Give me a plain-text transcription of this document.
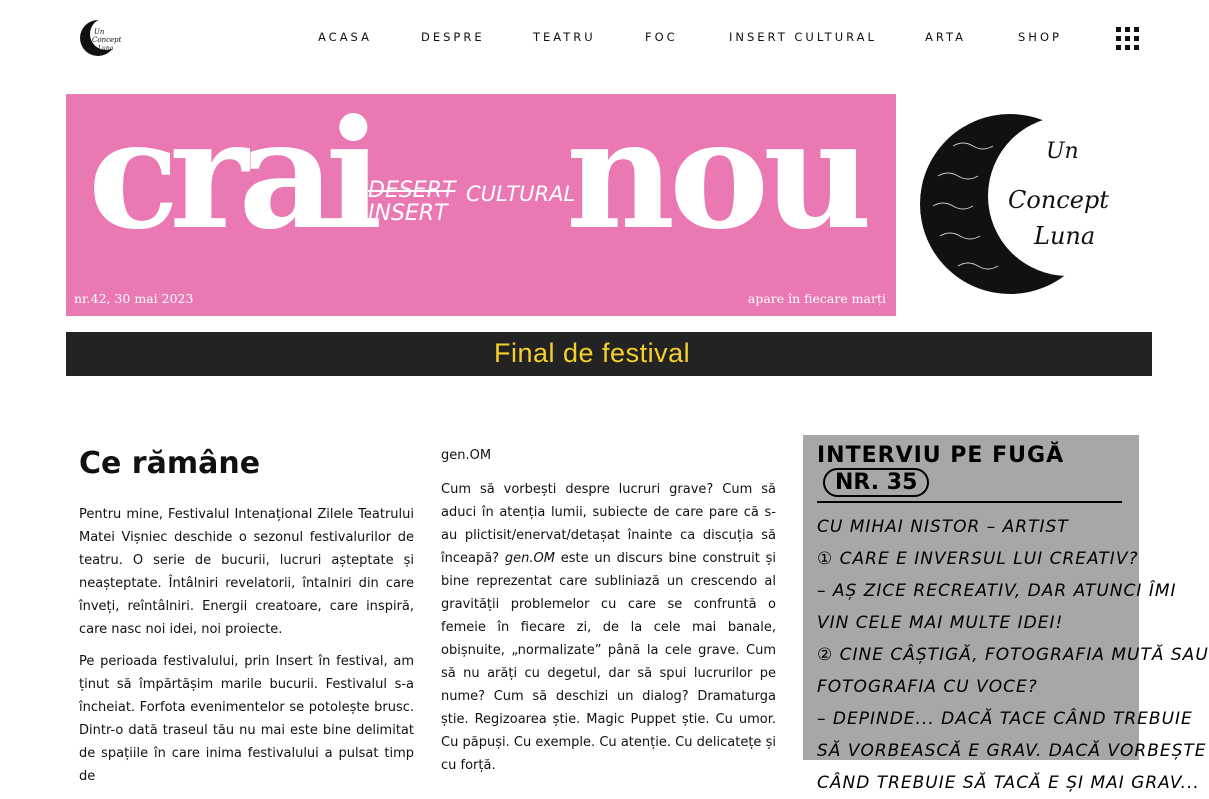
Un
Concept
Luna
ACASA	DESPRE	TEATRU	FOC	INSERT CULTURAL	ARTA	SHOP
crai nou
DESERT CULTURAL
INSERT
nr.42, 30 mai 2023	apare în fiecare marți
Un
Concept
Luna
Final de festival
Ce rămâne

Pentru mine, Festivalul Intenațional Zilele Teatrului Matei Vișniec deschide o sezonul festivalurilor de teatru. O serie de bucurii, lucruri așteptate și neașteptate. Întâlniri revelatorii, întalniri din care înveți, reîntâlniri. Energii creatoare, care inspiră, care nasc noi idei, noi proiecte.

Pe perioada festivalului, prin Insert în festival, am ținut să împărtășim marile bucurii. Festivalul s-a încheiat. Forfota evenimentelor se potolește brusc. Dintr-o dată traseul tău nu mai este bine delimitat de spațiile în care inima festivalului a pulsat timp de

gen.OM

Cum să vorbești despre lucruri grave? Cum să aduci în atenția lumii, subiecte de care pare că s-au plictisit/enervat/detașat înainte ca discuția să înceapă? gen.OM este un discurs bine construit și bine reprezentat care subliniază un crescendo al gravității problemelor cu care se confruntă o femeie în fiecare zi, de la cele mai banale, obișnuite, „normalizate” până la cele grave. Cum să nu arăți cu degetul, dar să spui lucrurilor pe nume? Cum să deschizi un dialog? Dramaturga știe. Regizoarea știe. Magic Puppet știe. Cu umor. Cu păpuși. Cu exemple. Cu atenție. Cu delicatețe și cu forță.

INTERVIU PE FUGĂ NR. 35
CU MIHAI NISTOR – ARTIST
① CARE E INVERSUL LUI CREATIV?
– AȘ ZICE RECREATIV, DAR ATUNCI ÎMI
VIN CELE MAI MULTE IDEI!
② CINE CÂȘTIGĂ, FOTOGRAFIA MUTĂ SAU
FOTOGRAFIA CU VOCE?
– DEPINDE... DACĂ TACE CÂND TREBUIE
SĂ VORBEASCĂ E GRAV. DACĂ VORBEȘTE
CÂND TREBUIE SĂ TACĂ E ȘI MAI GRAV...
